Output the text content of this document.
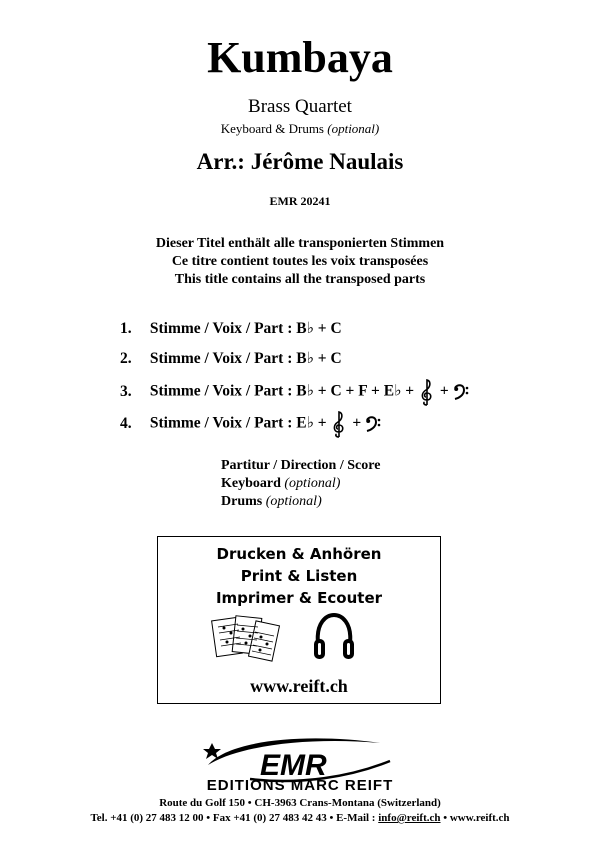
Kumbaya
Brass Quartet
Keyboard & Drums (optional)
Arr.: Jérôme Naulais
EMR 20241
Dieser Titel enthält alle transponierten Stimmen
Ce titre contient toutes les voix transposées
This title contains all the transposed parts
1. Stimme / Voix / Part : B♭ + C
2. Stimme / Voix / Part : B♭ + C
3. Stimme / Voix / Part : B♭ + C + F + E♭ + +
4. Stimme / Voix / Part : E♭ + +
Partitur / Direction / Score
Keyboard (optional)
Drums (optional)
Drucken & Anhören
Print & Listen
Imprimer & Ecouter
www.reift.ch
EMR
EDITIONS MARC REIFT
Route du Golf 150 • CH-3963 Crans-Montana (Switzerland)
Tel. +41 (0) 27 483 12 00 • Fax +41 (0) 27 483 42 43 • E-Mail : info@reift.ch • www.reift.ch
